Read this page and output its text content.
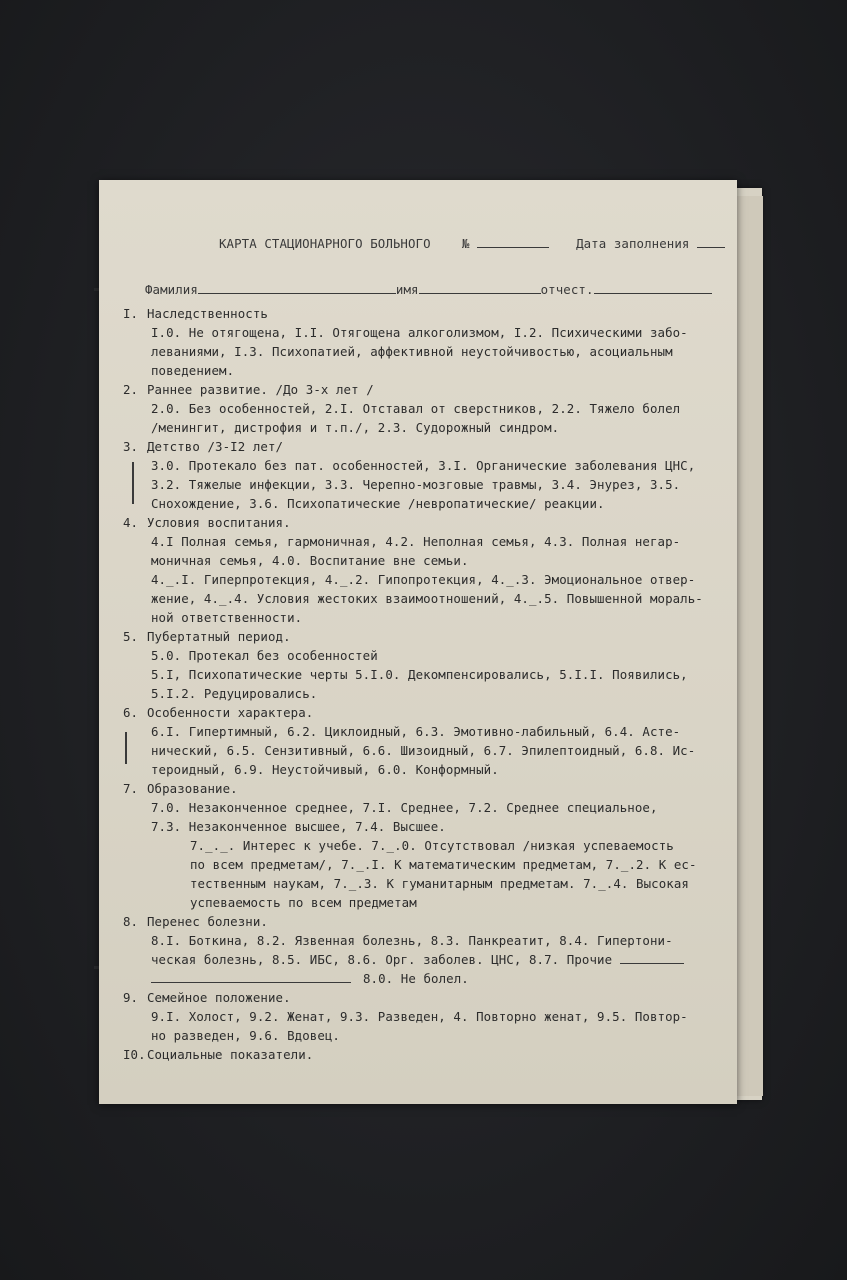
КАРТА СТАЦИОНАРНОГО БОЛЬНОГО	№	Дата заполнения
Фамилия	имя	отчест.
I. Наследственность
I.0. Не отягощена, I.I. Отягощена алкоголизмом, I.2. Психическими забо-
леваниями, I.3. Психопатией, аффективной неустойчивостью, асоциальным
поведением.
2. Раннее развитие. /До 3-х лет /
2.0. Без особенностей, 2.I. Отставал от сверстников, 2.2. Тяжело болел
/менингит, дистрофия и т.п./, 2.3. Судорожный синдром.
3. Детство /3-I2 лет/
3.0. Протекало без пат. особенностей, 3.I. Органические заболевания ЦНС,
3.2. Тяжелые инфекции, 3.3. Черепно-мозговые травмы, 3.4. Энурез, 3.5.
Снохождение, 3.6. Психопатические /невропатические/ реакции.
4. Условия воспитания.
4.I Полная семья, гармоничная, 4.2. Неполная семья, 4.3. Полная негар-
моничная семья, 4.0. Воспитание вне семьи.
4._.I. Гиперпротекция, 4._.2. Гипопротекция, 4._.3. Эмоциональное отвер-
жение, 4._.4. Условия жестоких взаимоотношений, 4._.5. Повышенной мораль-
ной ответственности.
5. Пубертатный период.
5.0. Протекал без особенностей
5.I, Психопатические черты 5.I.0. Декомпенсировались, 5.I.I. Появились,
5.I.2. Редуцировались.
6. Особенности характера.
6.I. Гипертимный, 6.2. Циклоидный, 6.3. Эмотивно-лабильный, 6.4. Асте-
нический, 6.5. Сензитивный, 6.6. Шизоидный, 6.7. Эпилептоидный, 6.8. Ис-
тероидный, 6.9. Неустойчивый, 6.0. Конформный.
7. Образование.
7.0. Незаконченное среднее, 7.I. Среднее, 7.2. Среднее специальное,
7.3. Незаконченное высшее, 7.4. Высшее.
7._._. Интерес к учебе. 7._.0. Отсутствовал /низкая успеваемость
по всем предметам/, 7._.I. К математическим предметам, 7._.2. К ес-
тественным наукам, 7._.3. К гуманитарным предметам. 7._.4. Высокая
успеваемость по всем предметам
8. Перенес болезни.
8.I. Боткина, 8.2. Язвенная болезнь, 8.3. Панкреатит, 8.4. Гипертони-
ческая болезнь, 8.5. ИБС, 8.6. Орг. заболев. ЦНС, 8.7. Прочие
8.0. Не болел.
9. Семейное положение.
9.I. Холост, 9.2. Женат, 9.3. Разведен, 4. Повторно женат, 9.5. Повтор-
но разведен, 9.6. Вдовец.
I0.Социальные показатели.
